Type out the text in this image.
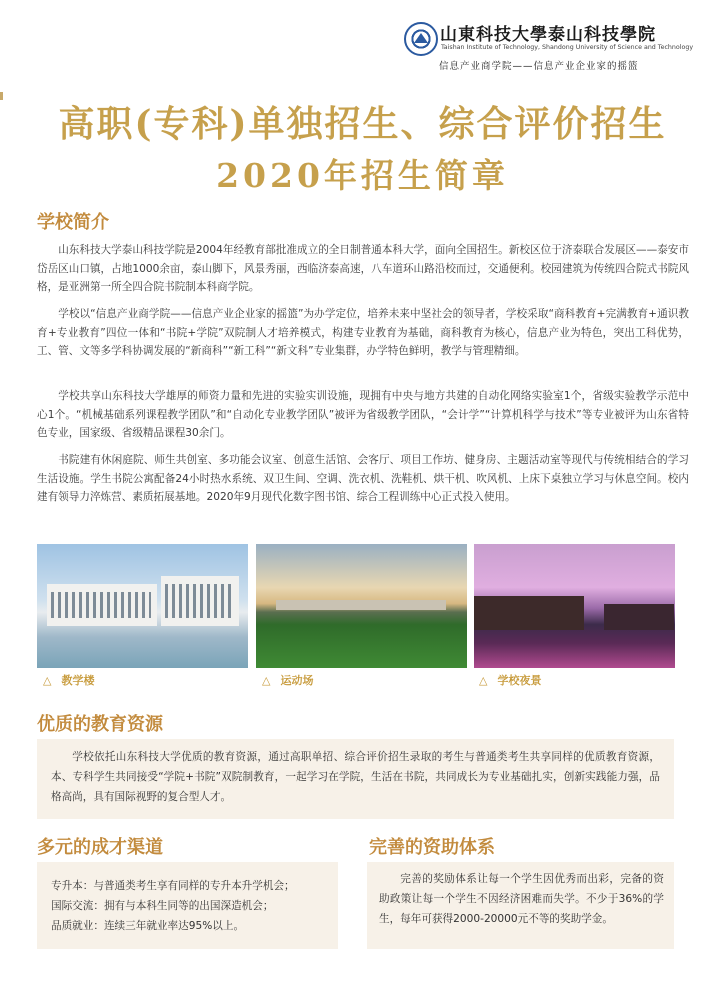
山東科技大學泰山科技學院
Taishan Institute of Technology, Shandong University of Science and Technology
信息产业商学院——信息产业企业家的摇篮
高职(专科)单独招生、综合评价招生
2020年招生简章
学校简介

山东科技大学泰山科技学院是2004年经教育部批准成立的全日制普通本科大学，面向全国招生。新校区位于济泰联合发展区——泰安市岱岳区山口镇，占地1000余亩，泰山脚下，风景秀丽，西临济泰高速，八车道环山路沿校而过，交通便利。校园建筑为传统四合院式书院风格，是亚洲第一所全四合院书院制本科商学院。

学校以“信息产业商学院——信息产业企业家的摇篮”为办学定位，培养未来中坚社会的领导者，学校采取“商科教育+完满教育+通识教育+专业教育”四位一体和“书院+学院”双院制人才培养模式，构建专业教育为基础，商科教育为核心，信息产业为特色，突出工科优势，工、管、文等多学科协调发展的“新商科”“新工科”“新文科”专业集群，办学特色鲜明，教学与管理精细。

学校共享山东科技大学雄厚的师资力量和先进的实验实训设施，现拥有中央与地方共建的自动化网络实验室1个，省级实验教学示范中心1个。“机械基础系列课程教学团队”和“自动化专业教学团队”被评为省级教学团队，“会计学”“计算机科学与技术”等专业被评为山东省特色专业，国家级、省级精品课程30余门。

书院建有休闲庭院、师生共创室、多功能会议室、创意生活馆、会客厅、项目工作坊、健身房、主题活动室等现代与传统相结合的学习生活设施。学生书院公寓配备24小时热水系统、双卫生间、空调、洗衣机、洗鞋机、烘干机、吹风机、上床下桌独立学习与休息空间。校内建有领导力淬炼营、素质拓展基地。2020年9月现代化数字图书馆、综合工程训练中心正式投入使用。

△ 教学楼	△ 运动场	△ 学校夜景
优质的教育资源

学校依托山东科技大学优质的教育资源，通过高职单招、综合评价招生录取的考生与普通类考生共享同样的优质教育资源，本、专科学生共同接受“学院+书院”双院制教育，一起学习在学院，生活在书院，共同成长为专业基础扎实，创新实践能力强，品格高尚，具有国际视野的复合型人才。

多元的成才渠道

专升本：与普通类考生享有同样的专升本升学机会；

国际交流：拥有与本科生同等的出国深造机会；

品质就业：连续三年就业率达95%以上。

完善的资助体系

完善的奖励体系让每一个学生因优秀而出彩，完备的资助政策让每一个学生不因经济困难而失学。不少于36%的学生，每年可获得2000-20000元不等的奖助学金。
